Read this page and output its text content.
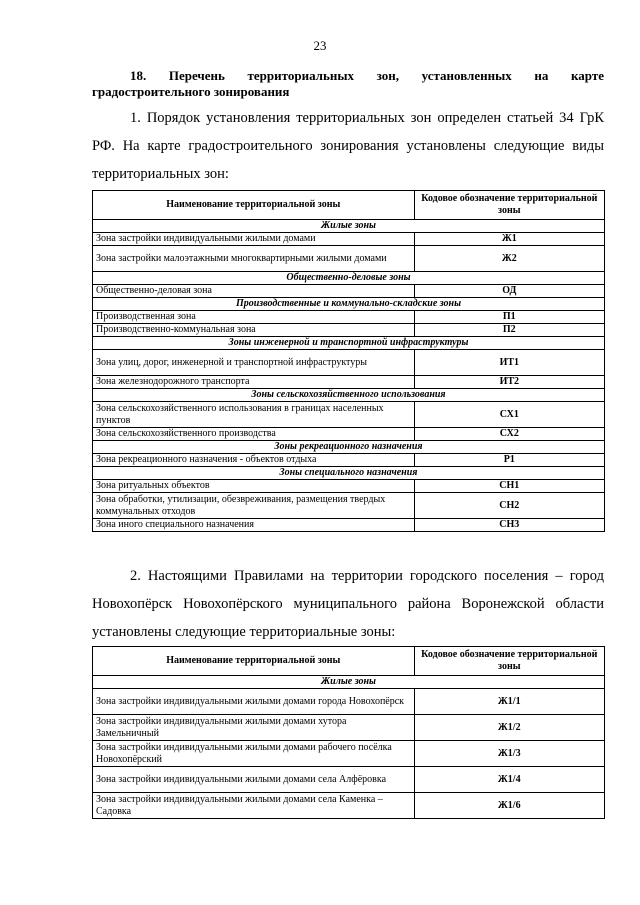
23
18. Перечень территориальных зон, установленных на карте градостроительного зонирования
1. Порядок установления территориальных зон определен статьей 34 ГрК РФ. На карте градостроительного зонирования установлены следующие виды территориальных зон:
Наименование территориальной зоны	Кодовое обозначение территориальной зоны
Жилые зоны	
Зона застройки индивидуальными жилыми домами	Ж1
Зона застройки малоэтажными многоквартирными жилыми домами	Ж2
Общественно-деловые зоны	
Общественно-деловая зона	ОД
Производственные и коммунально-складские зоны	
Производственная зона	П1
Производственно-коммунальная зона	П2
Зоны инженерной и транспортной инфраструктуры	
Зона улиц, дорог, инженерной и транспортной инфраструктуры	ИТ1
Зона железнодорожного транспорта	ИТ2
Зоны сельскохозяйственного использования	
Зона сельскохозяйственного использования в границах населенных пунктов	СХ1
Зона сельскохозяйственного производства	СХ2
Зоны рекреационного назначения	
Зона рекреационного назначения - объектов отдыха	Р1
Зоны специального назначения	
Зона ритуальных объектов	СН1
Зона обработки, утилизации, обезвреживания, размещения твердых коммунальных отходов	СН2
Зона иного специального назначения	СН3
2. Настоящими Правилами на территории городского поселения – город Новохопёрск Новохопёрского муниципального района Воронежской области установлены следующие территориальные зоны:
Наименование территориальной зоны	Кодовое обозначение территориальной зоны
Жилые зоны	
Зона застройки индивидуальными жилыми домами города Новохопёрск	Ж1/1
Зона застройки индивидуальными жилыми домами хутора Замельничный	Ж1/2
Зона застройки индивидуальными жилыми домами рабочего посёлка Новохопёрский	Ж1/3
Зона застройки индивидуальными жилыми домами села Алфёровка	Ж1/4
Зона застройки индивидуальными жилыми домами села Каменка – Садовка	Ж1/6
